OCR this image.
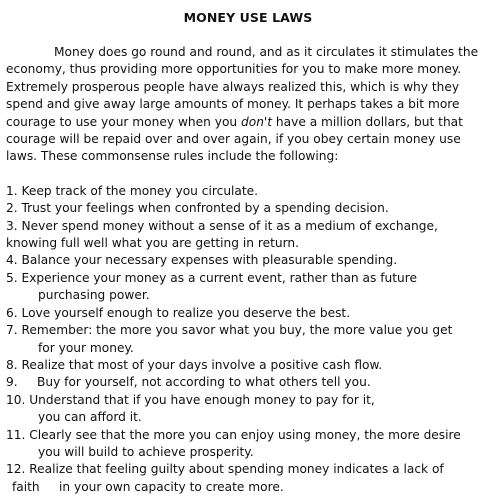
MONEY USE LAWS

Money does go round and round, and as it circulates it stimulates the economy, thus providing more opportunities for you to make more money. Extremely prosperous people have always realized this, which is why they spend and give away large amounts of money. It perhaps takes a bit more courage to use your money when you don't have a million dollars, but that courage will be repaid over and over again, if you obey certain money use laws. These commonsense rules include the following:

1. Keep track of the money you circulate.
2. Trust your feelings when confronted by a spending decision.
3. Never spend money without a sense of it as a medium of exchange, knowing full well what you are getting in return.
4. Balance your necessary expenses with pleasurable spending.
5. Experience your money as a current event, rather than as future
purchasing power.
6. Love yourself enough to realize you deserve the best.
7. Remember: the more you savor what you buy, the more value you get
for your money.
8. Realize that most of your days involve a positive cash flow.
9.     Buy for yourself, not according to what others tell you.
10. Understand that if you have enough money to pay for it,
you can afford it.
11. Clearly see that the more you can enjoy using money, the more desire
you will build to achieve prosperity.
12. Realize that feeling guilty about spending money indicates a lack of
faith     in your own capacity to create more.
